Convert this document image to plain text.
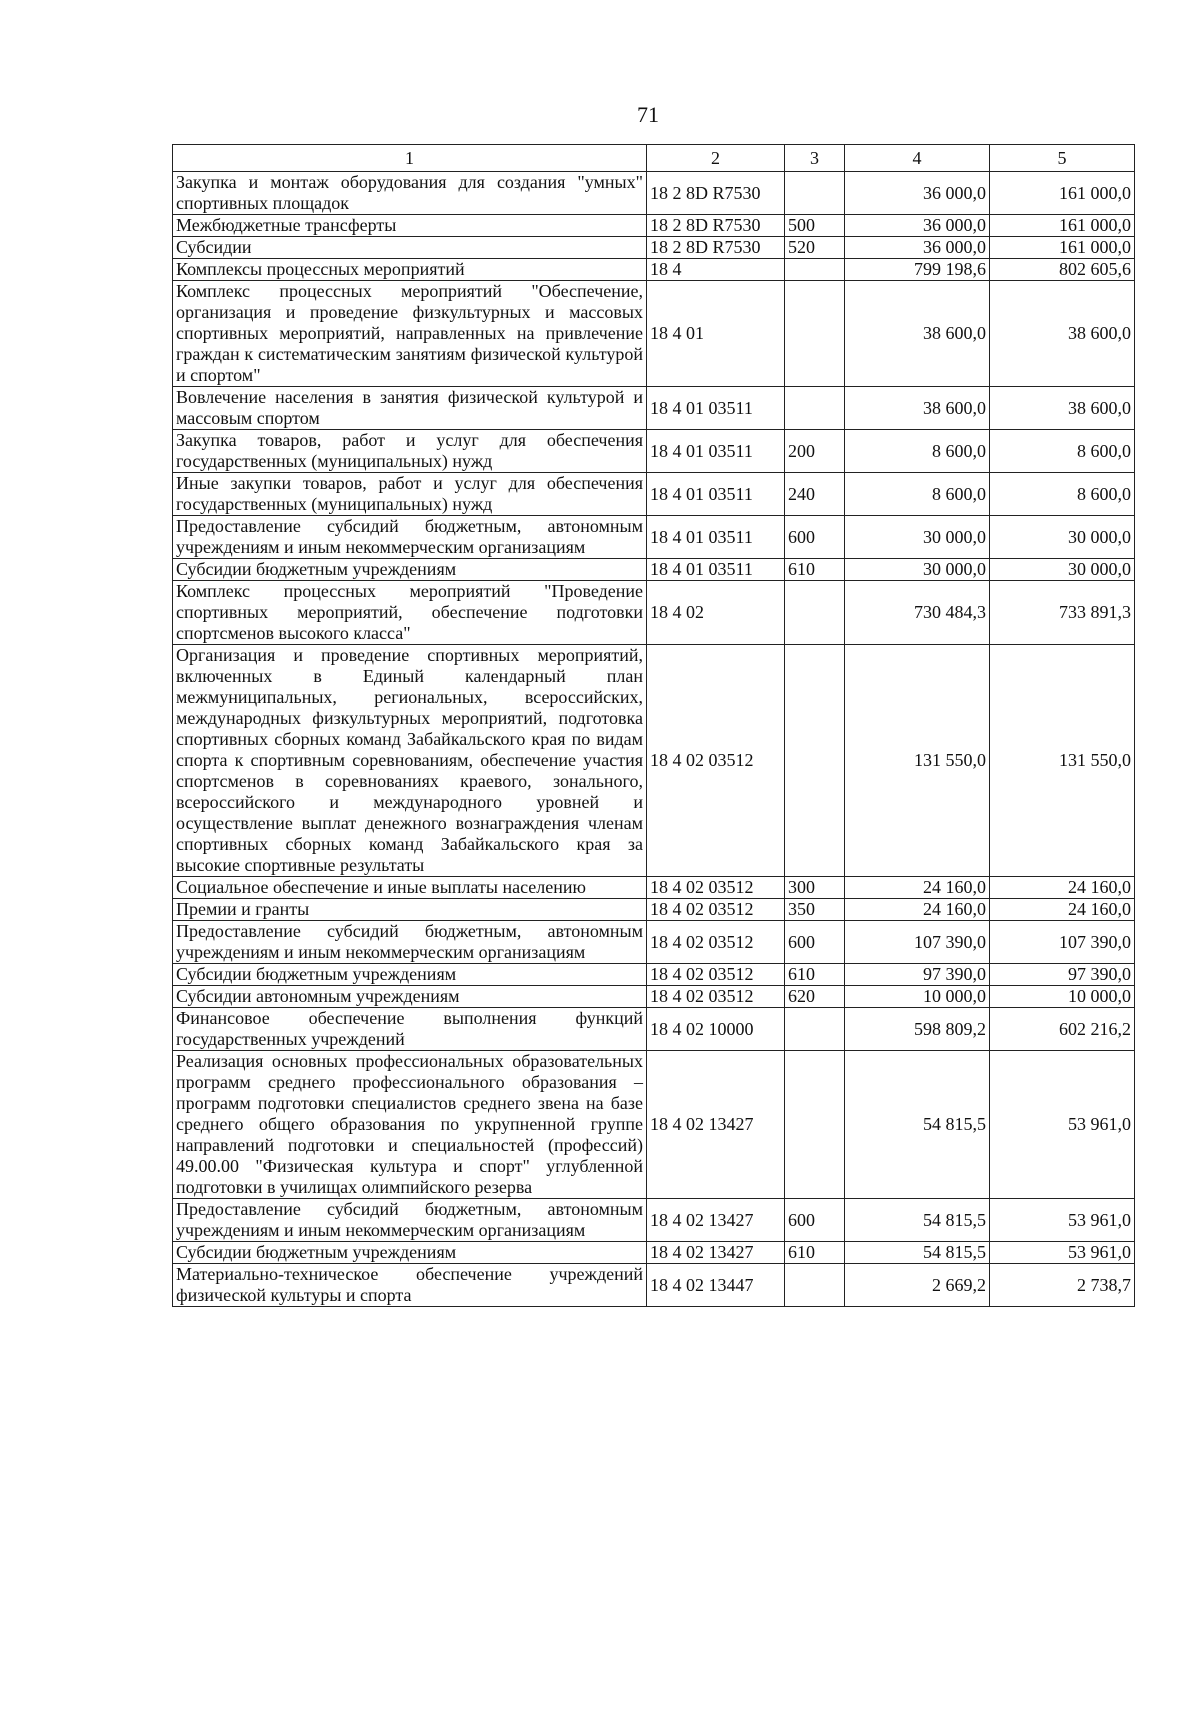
71
1	2	3	4	5
Закупка и монтаж оборудования для создания "умных" спортивных площадок	18 2 8D R7530		36 000,0	161 000,0
Межбюджетные трансферты	18 2 8D R7530	500	36 000,0	161 000,0
Субсидии	18 2 8D R7530	520	36 000,0	161 000,0
Комплексы процессных мероприятий	18 4		799 198,6	802 605,6
Комплекс процессных мероприятий "Обеспечение, организация и проведение физкультурных и массовых спортивных мероприятий, направленных на привлечение граждан к систематическим занятиям физической культурой и спортом"	18 4 01		38 600,0	38 600,0
Вовлечение населения в занятия физической культурой и массовым спортом	18 4 01 03511		38 600,0	38 600,0
Закупка товаров, работ и услуг для обеспечения государственных (муниципальных) нужд	18 4 01 03511	200	8 600,0	8 600,0
Иные закупки товаров, работ и услуг для обеспечения государственных (муниципальных) нужд	18 4 01 03511	240	8 600,0	8 600,0
Предоставление субсидий бюджетным, автономным учреждениям и иным некоммерческим организациям	18 4 01 03511	600	30 000,0	30 000,0
Субсидии бюджетным учреждениям	18 4 01 03511	610	30 000,0	30 000,0
Комплекс процессных мероприятий "Проведение спортивных мероприятий, обеспечение подготовки спортсменов высокого класса"	18 4 02		730 484,3	733 891,3
Организация и проведение спортивных мероприятий, включенных в Единый календарный план межмуниципальных, региональных, всероссийских, международных физкультурных мероприятий, подготовка спортивных сборных команд Забайкальского края по видам спорта к спортивным соревнованиям, обеспечение участия спортсменов в соревнованиях краевого, зонального, всероссийского и международного уровней и осуществление выплат денежного вознаграждения членам спортивных сборных команд Забайкальского края за высокие спортивные результаты	18 4 02 03512		131 550,0	131 550,0
Социальное обеспечение и иные выплаты населению	18 4 02 03512	300	24 160,0	24 160,0
Премии и гранты	18 4 02 03512	350	24 160,0	24 160,0
Предоставление субсидий бюджетным, автономным учреждениям и иным некоммерческим организациям	18 4 02 03512	600	107 390,0	107 390,0
Субсидии бюджетным учреждениям	18 4 02 03512	610	97 390,0	97 390,0
Субсидии автономным учреждениям	18 4 02 03512	620	10 000,0	10 000,0
Финансовое обеспечение выполнения функций государственных учреждений	18 4 02 10000		598 809,2	602 216,2
Реализация основных профессиональных образовательных программ среднего профессионального образования – программ подготовки специалистов среднего звена на базе среднего общего образования по укрупненной группе направлений подготовки и специальностей (профессий) 49.00.00 "Физическая культура и спорт" углубленной подготовки в училищах олимпийского резерва	18 4 02 13427		54 815,5	53 961,0
Предоставление субсидий бюджетным, автономным учреждениям и иным некоммерческим организациям	18 4 02 13427	600	54 815,5	53 961,0
Субсидии бюджетным учреждениям	18 4 02 13427	610	54 815,5	53 961,0
Материально-техническое обеспечение учреждений физической культуры и спорта	18 4 02 13447		2 669,2	2 738,7
